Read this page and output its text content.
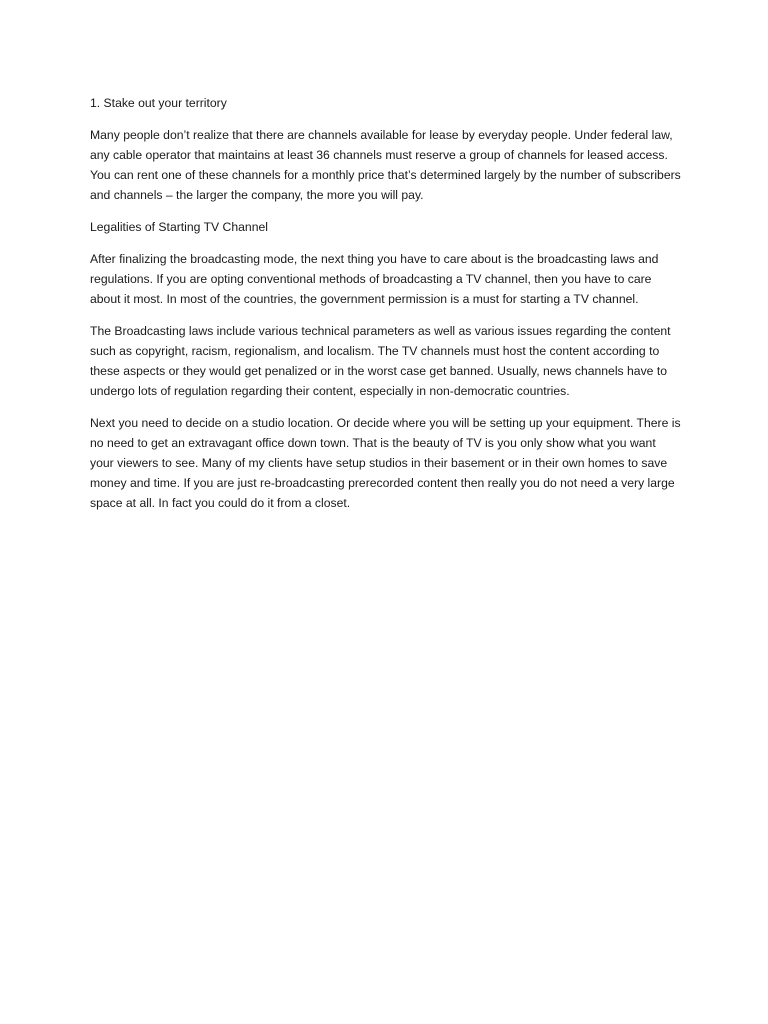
1. Stake out your territory

Many people don’t realize that there are channels available for lease by everyday people. Under federal law, any cable operator that maintains at least 36 channels must reserve a group of channels for leased access. You can rent one of these channels for a monthly price that’s determined largely by the number of subscribers and channels – the larger the company, the more you will pay.

Legalities of Starting TV Channel

After finalizing the broadcasting mode, the next thing you have to care about is the broadcasting laws and regulations. If you are opting conventional methods of broadcasting a TV channel, then you have to care about it most. In most of the countries, the government permission is a must for starting a TV channel.

The Broadcasting laws include various technical parameters as well as various issues regarding the content such as copyright, racism, regionalism, and localism. The TV channels must host the content according to these aspects or they would get penalized or in the worst case get banned. Usually, news channels have to undergo lots of regulation regarding their content, especially in non-democratic countries.

Next you need to decide on a studio location. Or decide where you will be setting up your equipment. There is no need to get an extravagant office down town. That is the beauty of TV is you only show what you want your viewers to see. Many of my clients have setup studios in their basement or in their own homes to save money and time. If you are just re-broadcasting prerecorded content then really you do not need a very large space at all. In fact you could do it from a closet.
